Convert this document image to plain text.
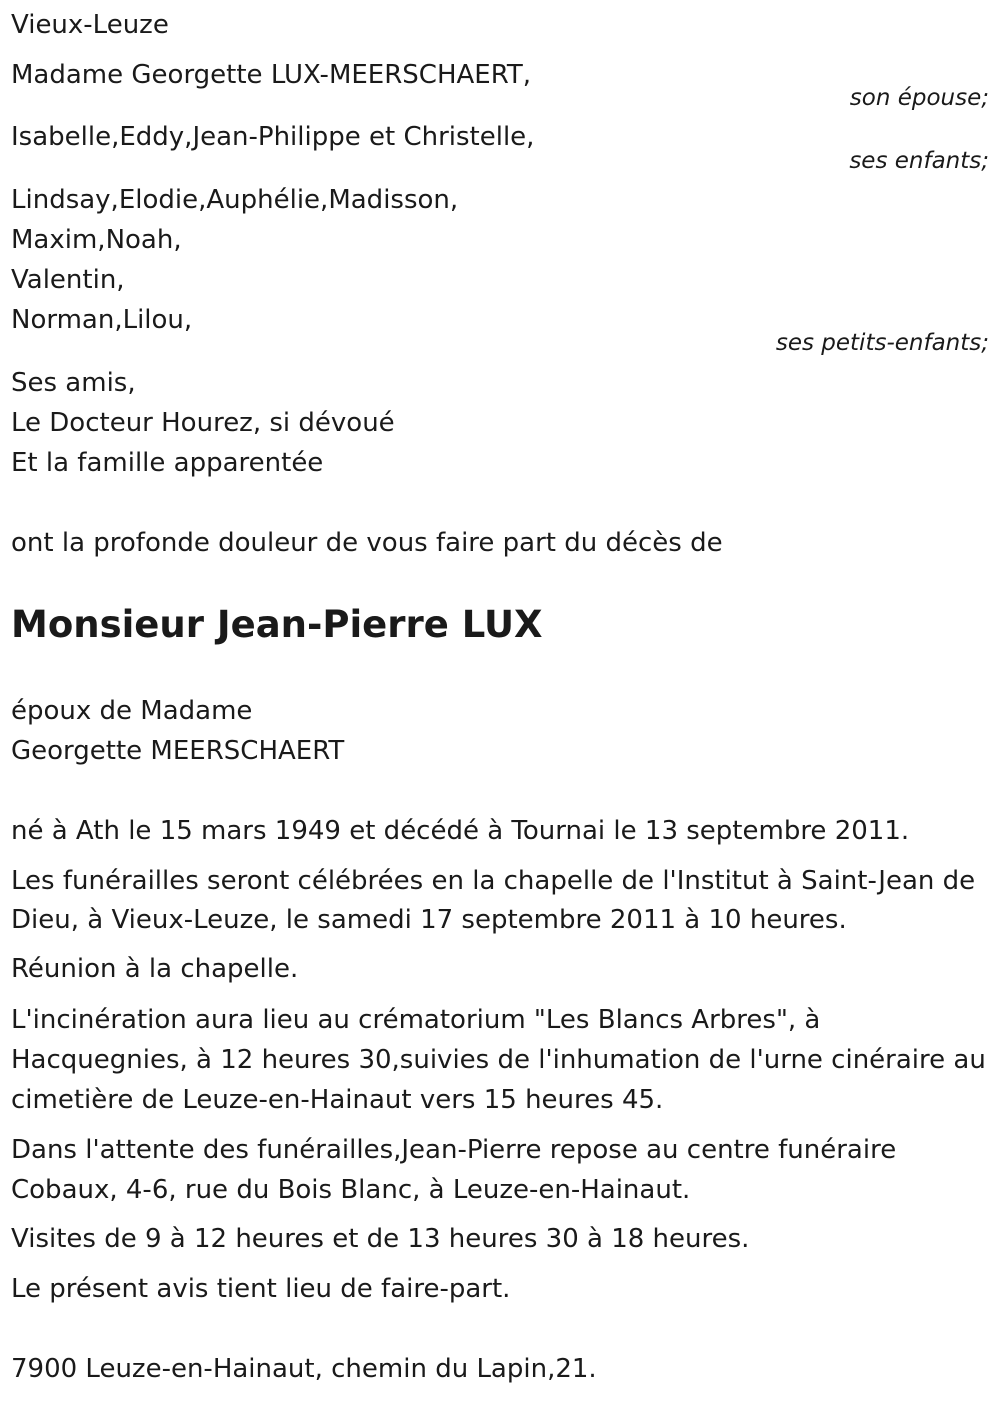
Vieux-Leuze
Madame Georgette LUX-MEERSCHAERT,
son épouse;
Isabelle,Eddy,Jean-Philippe et Christelle,
ses enfants;
Lindsay,Elodie,Auphélie,Madisson,
Maxim,Noah,
Valentin,
Norman,Lilou,
ses petits-enfants;
Ses amis,
Le Docteur Hourez, si dévoué
Et la famille apparentée
ont la profonde douleur de vous faire part du décès de
Monsieur Jean-Pierre LUX
époux de Madame
Georgette MEERSCHAERT
né à Ath le 15 mars 1949 et décédé à Tournai le 13 septembre 2011.
Les funérailles seront célébrées en la chapelle de l'Institut à Saint-Jean de
Dieu, à Vieux-Leuze, le samedi 17 septembre 2011 à 10 heures.
Réunion à la chapelle.
L'incinération aura lieu au crématorium "Les Blancs Arbres", à
Hacquegnies, à 12 heures 30,suivies de l'inhumation de l'urne cinéraire au
cimetière de Leuze-en-Hainaut vers 15 heures 45.
Dans l'attente des funérailles,Jean-Pierre repose au centre funéraire
Cobaux, 4-6, rue du Bois Blanc, à Leuze-en-Hainaut.
Visites de 9 à 12 heures et de 13 heures 30 à 18 heures.
Le présent avis tient lieu de faire-part.
7900 Leuze-en-Hainaut, chemin du Lapin,21.
